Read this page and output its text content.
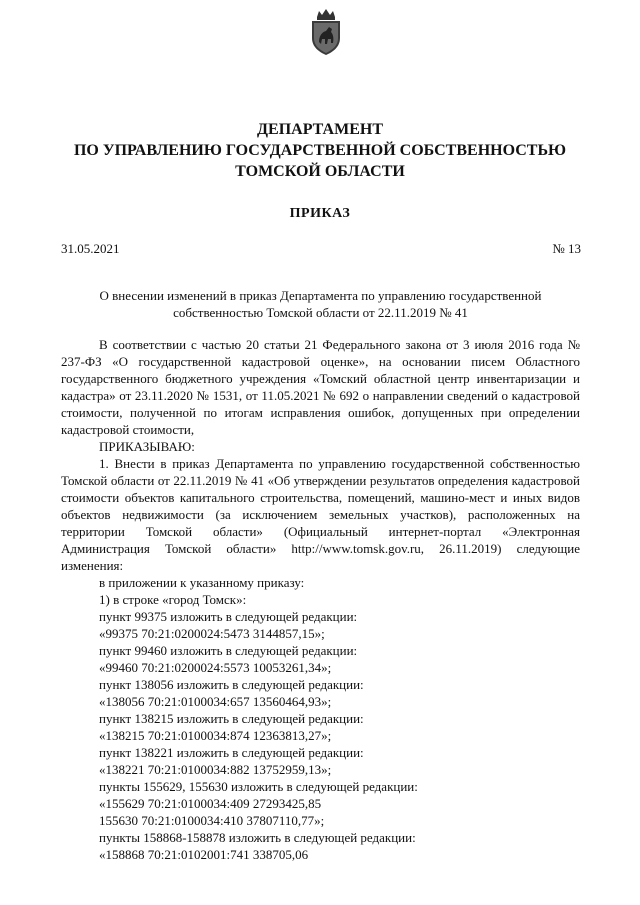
ДЕПАРТАМЕНТ
ПО УПРАВЛЕНИЮ ГОСУДАРСТВЕННОЙ СОБСТВЕННОСТЬЮ
ТОМСКОЙ ОБЛАСТИ
ПРИКАЗ
31.05.2021	№ 13
О внесении изменений в приказ Департамента по управлению государственной собственностью Томской области от 22.11.2019 № 41

В соответствии с частью 20 статьи 21 Федерального закона от 3 июля 2016 года № 237-ФЗ «О государственной кадастровой оценке», на основании писем Областного государственного бюджетного учреждения «Томский областной центр инвентаризации и кадастра» от 23.11.2020 № 1531, от 11.05.2021 № 692 о направлении сведений о кадастровой стоимости, полученной по итогам исправления ошибок, допущенных при определении кадастровой стоимости,

ПРИКАЗЫВАЮ:

1. Внести в приказ Департамента по управлению государственной собственностью Томской области от 22.11.2019 № 41 «Об утверждении результатов определения кадастровой стоимости объектов капитального строительства, помещений, машино-мест и иных видов объектов недвижимости (за исключением земельных участков), расположенных на территории Томской области» (Официальный интернет-портал «Электронная Администрация Томской области» http://www.tomsk.gov.ru, 26.11.2019) следующие изменения:

в приложении к указанному приказу:

1) в строке «город Томск»:

пункт 99375 изложить в следующей редакции:

«99375 70:21:0200024:5473 3144857,15»;

пункт 99460 изложить в следующей редакции:

«99460 70:21:0200024:5573 10053261,34»;

пункт 138056 изложить в следующей редакции:

«138056 70:21:0100034:657 13560464,93»;

пункт 138215 изложить в следующей редакции:

«138215 70:21:0100034:874 12363813,27»;

пункт 138221 изложить в следующей редакции:

«138221 70:21:0100034:882 13752959,13»;

пункты 155629, 155630 изложить в следующей редакции:

«155629 70:21:0100034:409 27293425,85

155630 70:21:0100034:410 37807110,77»;

пункты 158868-158878 изложить в следующей редакции:

«158868 70:21:0102001:741 338705,06
